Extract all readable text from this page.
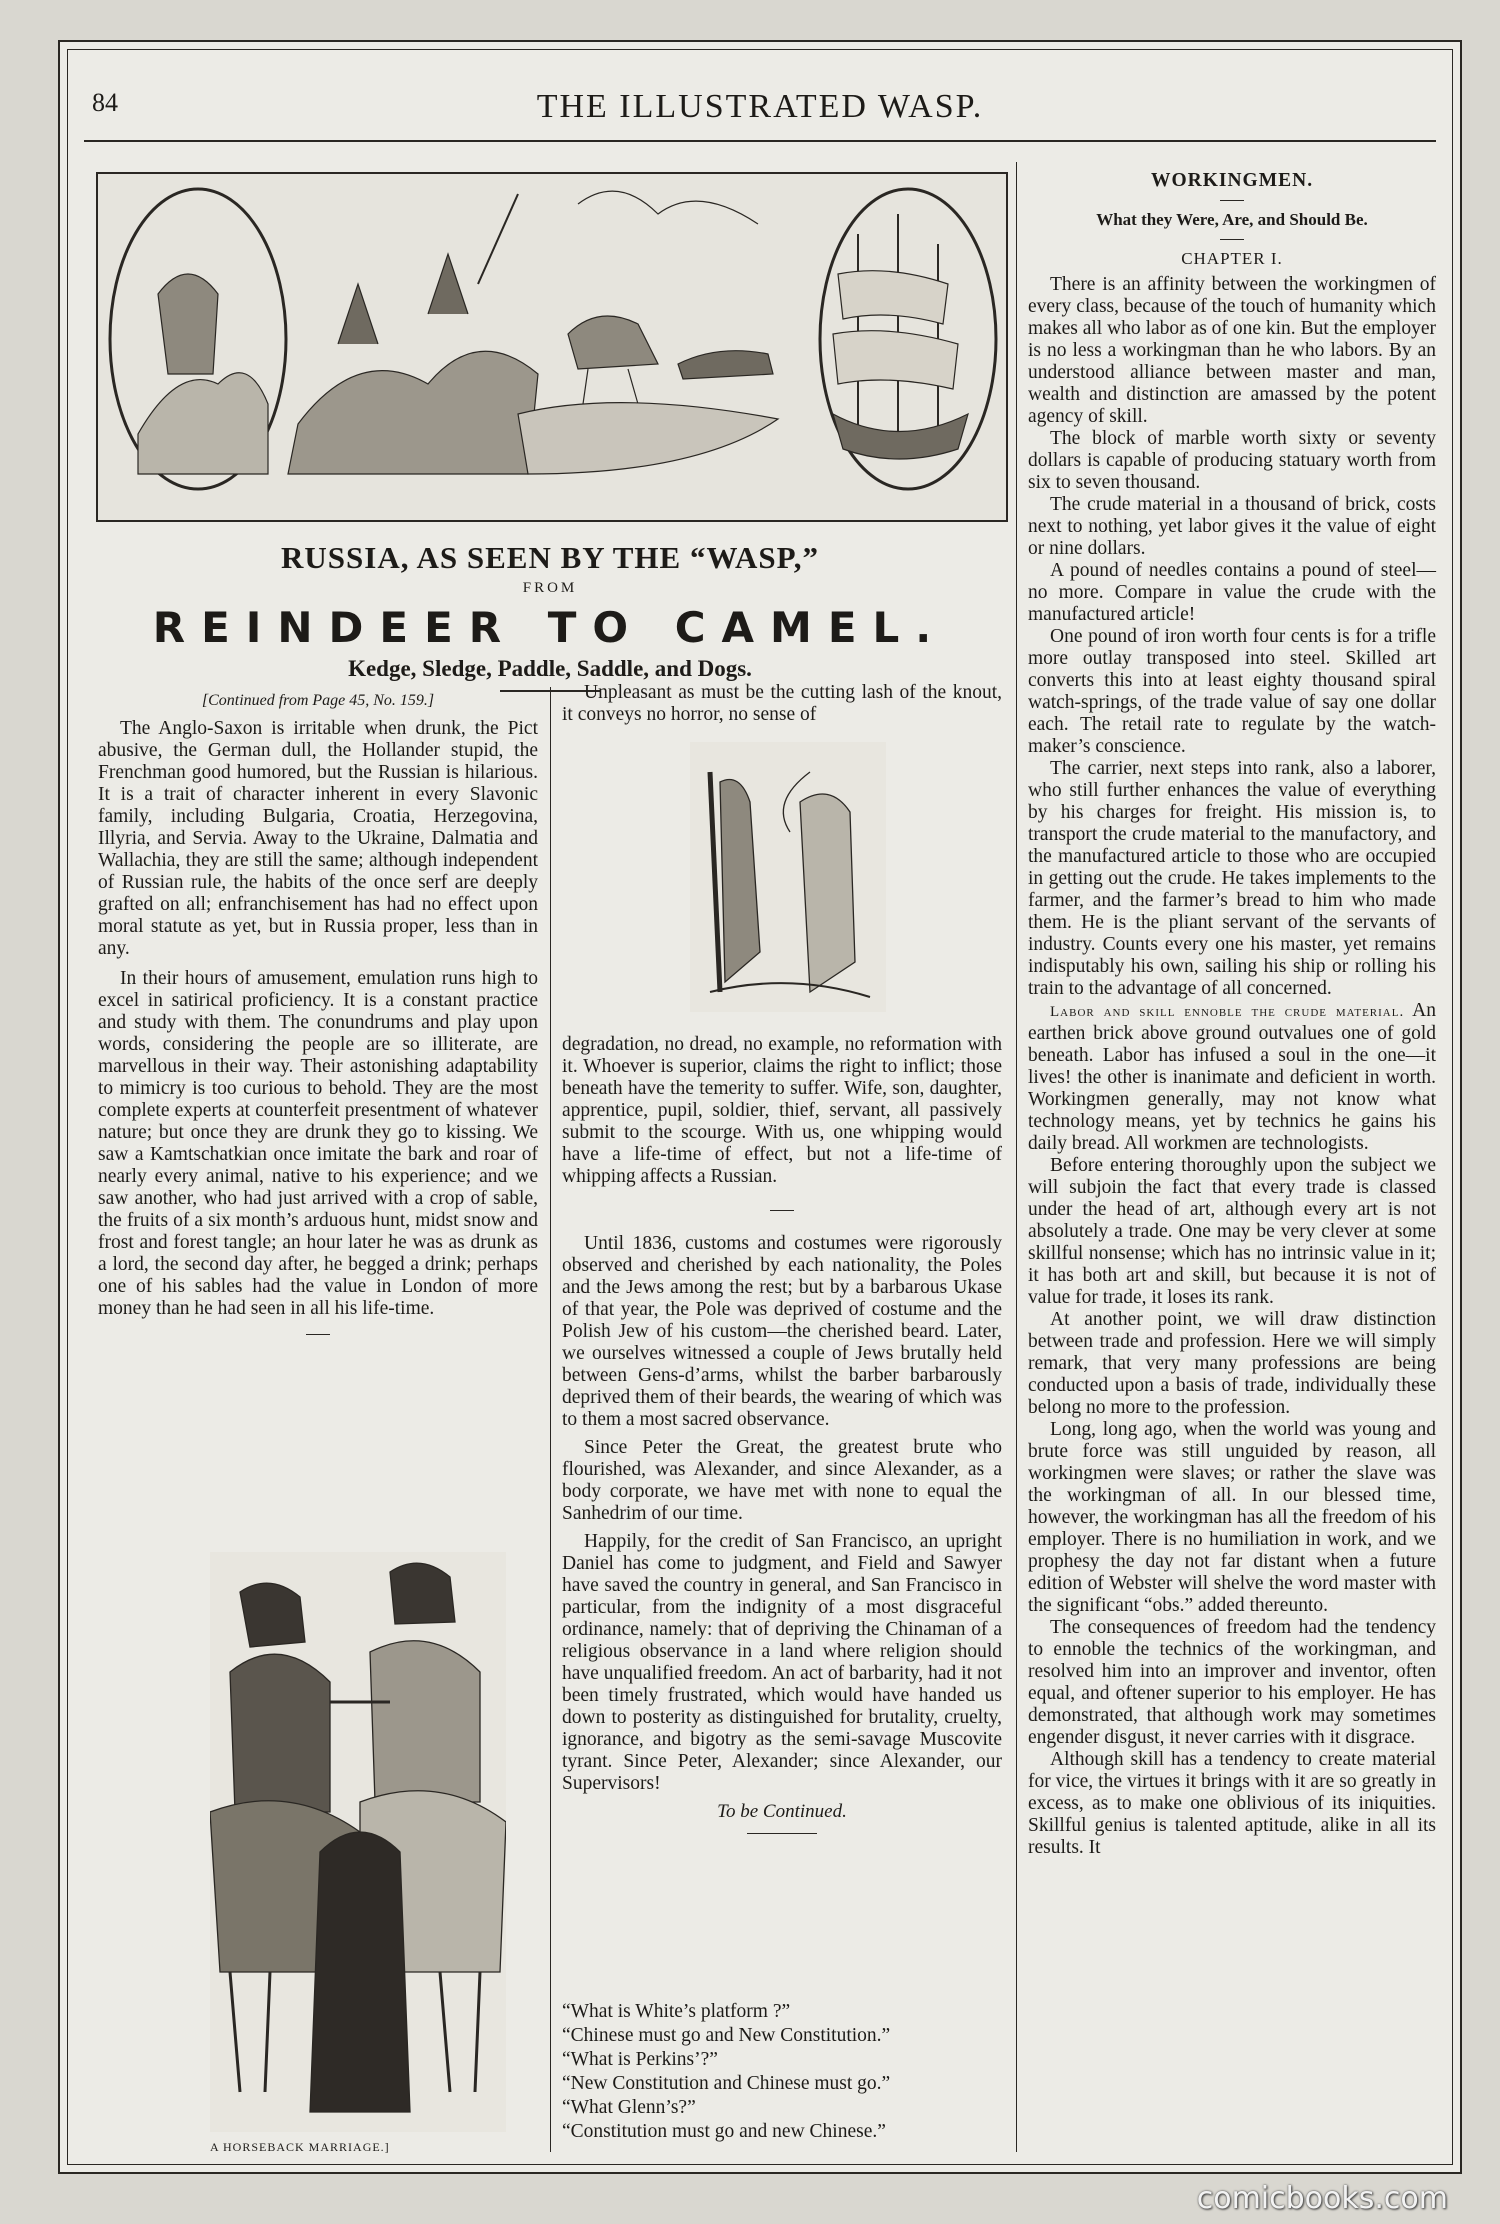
84	THE ILLUSTRATED WASP.
RUSSIA, AS SEEN BY THE “WASP,”
FROM
REINDEER TO CAMEL.
Kedge, Sledge, Paddle, Saddle, and Dogs.
[Continued from Page 45, No. 159.]

The Anglo-Saxon is irritable when drunk, the Pict abusive, the German dull, the Hollander stupid, the Frenchman good humored, but the Russian is hilarious. It is a trait of character inherent in every Slavonic family, including Bulgaria, Croatia, Herzegovina, Illyria, and Servia. Away to the Ukraine, Dalmatia and Wallachia, they are still the same; although independent of Russian rule, the habits of the once serf are deeply grafted on all; enfranchisement has had no effect upon moral statute as yet, but in Russia proper, less than in any.

In their hours of amusement, emulation runs high to excel in satirical proficiency. It is a constant practice and study with them. The conundrums and play upon words, considering the people are so illiterate, are marvellous in their way. Their astonishing adaptability to mimicry is too curious to behold. They are the most complete experts at counterfeit presentment of whatever nature; but once they are drunk they go to kissing. We saw a Kamtschatkian once imitate the bark and roar of nearly every animal, native to his experience; and we saw another, who had just arrived with a crop of sable, the fruits of a six month’s arduous hunt, midst snow and frost and forest tangle; an hour later he was as drunk as a lord, the second day after, he begged a drink; perhaps one of his sables had the value in London of more money than he had seen in all his life-time.

A HORSEBACK MARRIAGE.]

Unpleasant as must be the cutting lash of the knout, it conveys no horror, no sense of

degradation, no dread, no example, no reformation with it. Whoever is superior, claims the right to inflict; those beneath have the temerity to suffer. Wife, son, daughter, apprentice, pupil, soldier, thief, servant, all passively submit to the scourge. With us, one whipping would have a life-time of effect, but not a life-time of whipping affects a Russian.

Until 1836, customs and costumes were rigorously observed and cherished by each nationality, the Poles and the Jews among the rest; but by a barbarous Ukase of that year, the Pole was deprived of costume and the Polish Jew of his custom—the cherished beard. Later, we ourselves witnessed a couple of Jews brutally held between Gens-d’arms, whilst the barber barbarously deprived them of their beards, the wearing of which was to them a most sacred observance.

Since Peter the Great, the greatest brute who flourished, was Alexander, and since Alexander, as a body corporate, we have met with none to equal the Sanhedrim of our time.

Happily, for the credit of San Francisco, an upright Daniel has come to judgment, and Field and Sawyer have saved the country in general, and San Francisco in particular, from the indignity of a most disgraceful ordinance, namely: that of depriving the Chinaman of a religious observance in a land where religion should have unqualified freedom. An act of barbarity, had it not been timely frustrated, which would have handed us down to posterity as distinguished for brutality, cruelty, ignorance, and bigotry as the semi-savage Muscovite tyrant. Since Peter, Alexander; since Alexander, our Supervisors!

To be Continued.
“What is White’s platform ?”
“Chinese must go and New Constitution.”
“What is Perkins’?”
“New Constitution and Chinese must go.”
“What Glenn’s?”
“Constitution must go and new Chinese.”
WORKINGMEN.
What they Were, Are, and Should Be.
CHAPTER I.

There is an affinity between the workingmen of every class, because of the touch of humanity which makes all who labor as of one kin. But the employer is no less a workingman than he who labors. By an understood alliance between master and man, wealth and distinction are amassed by the potent agency of skill.

The block of marble worth sixty or seventy dollars is capable of producing statuary worth from six to seven thousand.

The crude material in a thousand of brick, costs next to nothing, yet labor gives it the value of eight or nine dollars.

A pound of needles contains a pound of steel—no more. Compare in value the crude with the manufactured article!

One pound of iron worth four cents is for a trifle more outlay transposed into steel. Skilled art converts this into at least eighty thousand spiral watch-springs, of the trade value of say one dollar each. The retail rate to regulate by the watch-maker’s conscience.

The carrier, next steps into rank, also a laborer, who still further enhances the value of everything by his charges for freight. His mission is, to transport the crude material to the manufactory, and the manufactured article to those who are occupied in getting out the crude. He takes implements to the farmer, and the farmer’s bread to him who made them. He is the pliant servant of the servants of industry. Counts every one his master, yet remains indisputably his own, sailing his ship or rolling his train to the advantage of all concerned.

Labor and skill ennoble the crude material. An earthen brick above ground outvalues one of gold beneath. Labor has infused a soul in the one—it lives! the other is inanimate and deficient in worth. Workingmen generally, may not know what technology means, yet by technics he gains his daily bread. All workmen are technologists.

Before entering thoroughly upon the subject we will subjoin the fact that every trade is classed under the head of art, although every art is not absolutely a trade. One may be very clever at some skillful nonsense; which has no intrinsic value in it; it has both art and skill, but because it is not of value for trade, it loses its rank.

At another point, we will draw distinction between trade and profession. Here we will simply remark, that very many professions are being conducted upon a basis of trade, individually these belong no more to the profession.

Long, long ago, when the world was young and brute force was still unguided by reason, all workingmen were slaves; or rather the slave was the workingman of all. In our blessed time, however, the workingman has all the freedom of his employer. There is no humiliation in work, and we prophesy the day not far distant when a future edition of Webster will shelve the word master with the significant “obs.” added thereunto.

The consequences of freedom had the tendency to ennoble the technics of the workingman, and resolved him into an improver and inventor, often equal, and oftener superior to his employer. He has demonstrated, that although work may sometimes engender disgust, it never carries with it disgrace.

Although skill has a tendency to create material for vice, the virtues it brings with it are so greatly in excess, as to make one oblivious of its iniquities. Skillful genius is talented aptitude, alike in all its results. It

comicbooks.com
